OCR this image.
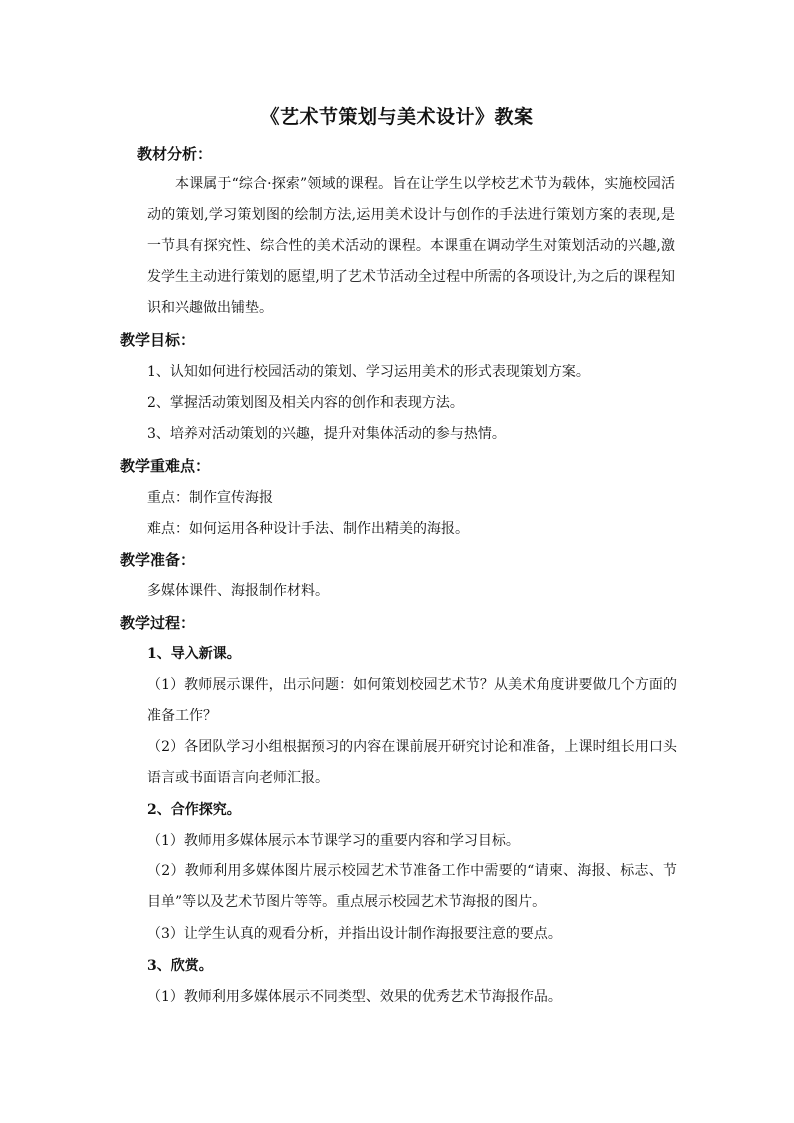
《艺术节策划与美术设计》教案
教材分析：
本课属于“综合·探索”领域的课程。旨在让学生以学校艺术节为载体，实施校园活动的策划,学习策划图的绘制方法,运用美术设计与创作的手法进行策划方案的表现,是一节具有探究性、综合性的美术活动的课程。本课重在调动学生对策划活动的兴趣,激发学生主动进行策划的愿望,明了艺术节活动全过程中所需的各项设计,为之后的课程知识和兴趣做出铺垫。
教学目标：
1、认知如何进行校园活动的策划、学习运用美术的形式表现策划方案。
2、掌握活动策划图及相关内容的创作和表现方法。
3、培养对活动策划的兴趣，提升对集体活动的参与热情。
教学重难点：
重点：制作宣传海报
难点：如何运用各种设计手法、制作出精美的海报。
教学准备：
多媒体课件、海报制作材料。
教学过程：
1、导入新课。
（1）教师展示课件，出示问题：如何策划校园艺术节？从美术角度讲要做几个方面的准备工作？
（2）各团队学习小组根据预习的内容在课前展开研究讨论和准备，上课时组长用口头语言或书面语言向老师汇报。
2、合作探究。
（1）教师用多媒体展示本节课学习的重要内容和学习目标。
（2）教师利用多媒体图片展示校园艺术节准备工作中需要的“请柬、海报、标志、节目单”等以及艺术节图片等等。重点展示校园艺术节海报的图片。
（3）让学生认真的观看分析，并指出设计制作海报要注意的要点。
3、欣赏。
（1）教师利用多媒体展示不同类型、效果的优秀艺术节海报作品。
